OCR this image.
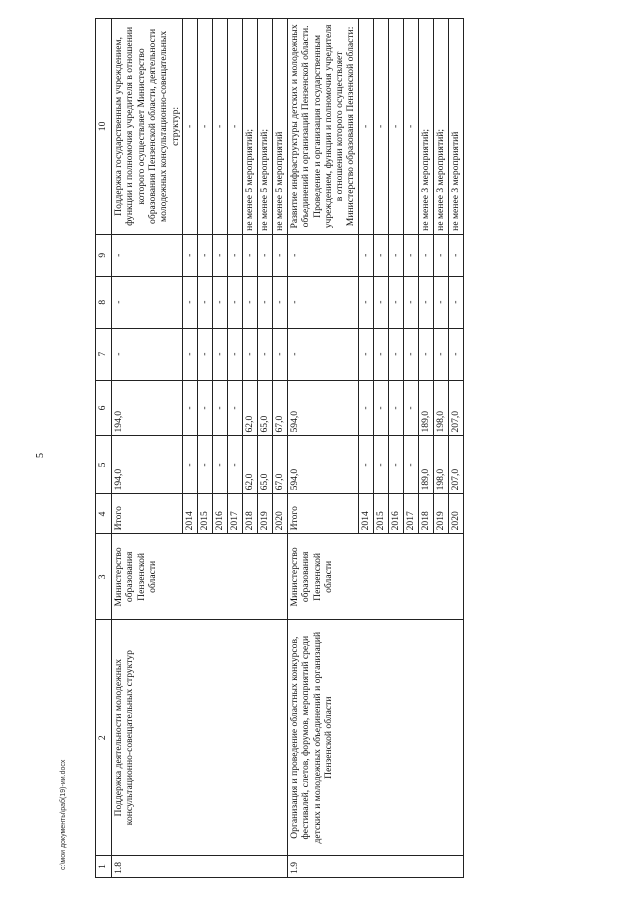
5
1	2	3	4	5	6	7	8	9	10
1.8	Поддержка деятельности молодежных консультационно-совещательных структур	Министерство образования Пензенской области	Итого	194,0	194,0	-	-	-	Поддержка государственным учреждением, функции и полномочия учредителя в отношении которого осуществляет Министерство образования Пензенской области, деятельности молодежных консультационно-совещательных структур:
			2014	-	-	-	-	-	-
			2015	-	-	-	-	-	-
			2016	-	-	-	-	-	-
			2017	-	-	-	-	-	-
			2018	62,0	62,0	-	-	-	не менее 5 мероприятий;
			2019	65,0	65,0	-	-	-	не менее 5 мероприятий;
			2020	67,0	67,0	-	-	-	не менее 5 мероприятий
1.9	Организация и проведение областных конкурсов, фестивалей, слетов, форумов, мероприятий среди детских и молодежных объединений и организаций Пензенской области	Министерство образования Пензенской области	Итого	594,0	594,0	-	-	-	Развитие инфраструктуры детских и молодежных объединений и организаций Пензенской области. Проведение и организация государственным учреждением, функции и полномочия учредителя в отношении которого осуществляет Министерство образования Пензенской области:
			2014	-	-	-	-	-	-
			2015	-	-	-	-	-	-
			2016	-	-	-	-	-	-
			2017	-	-	-	-	-	-
			2018	189,0	189,0	-	-	-	не менее 3 мероприятий;
			2019	198,0	198,0	-	-	-	не менее 3 мероприятий;
			2020	207,0	207,0	-	-	-	не менее 3 мероприятий
c:\мои документы\раб(19)-ии.docx
